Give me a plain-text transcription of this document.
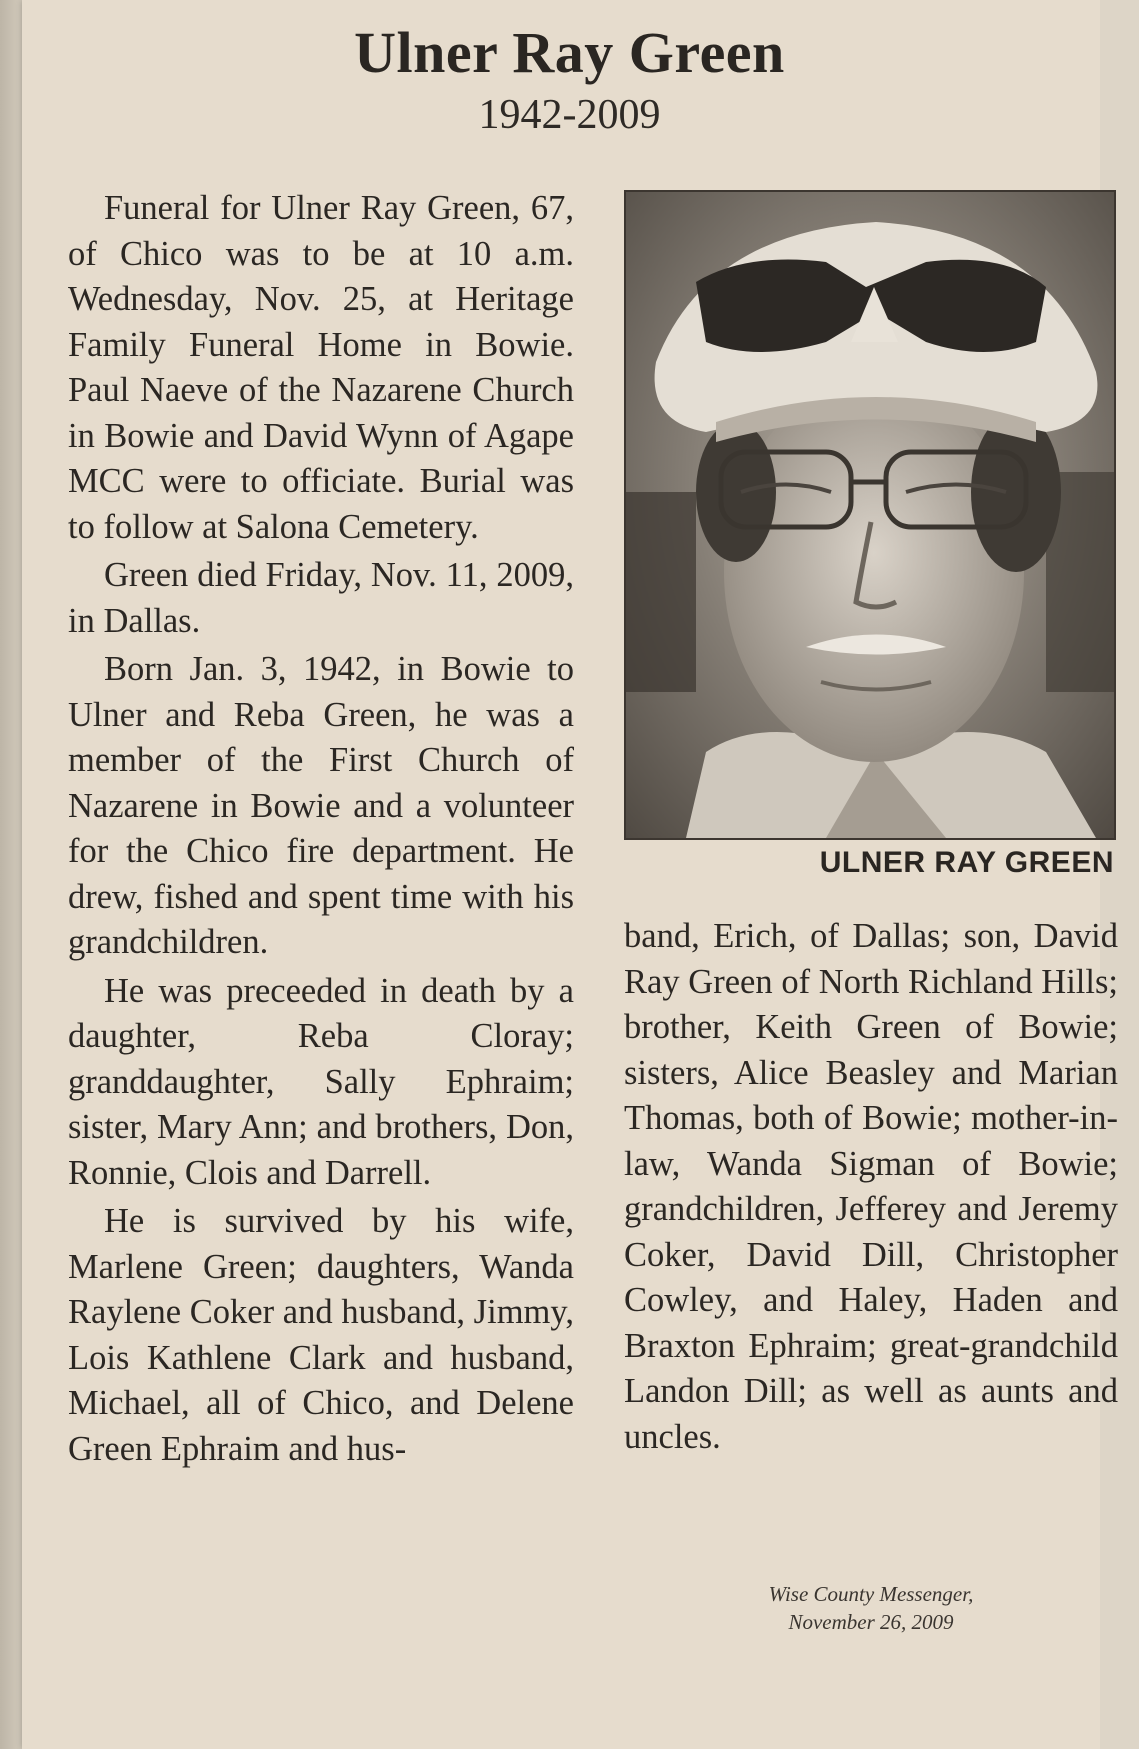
Ulner Ray Green
1942-2009

Funeral for Ulner Ray Green, 67, of Chico was to be at 10 a.m. Wednesday, Nov. 25, at Heritage Family Funeral Home in Bowie. Paul Naeve of the Nazarene Church in Bowie and David Wynn of Agape MCC were to officiate. Burial was to follow at Salona Cemetery.

Green died Friday, Nov. 11, 2009, in Dallas.

Born Jan. 3, 1942, in Bowie to Ulner and Reba Green, he was a member of the First Church of Nazarene in Bowie and a volunteer for the Chico fire department. He drew, fished and spent time with his grandchildren.

He was preceeded in death by a daughter, Reba Cloray; granddaughter, Sally Ephraim; sister, Mary Ann; and brothers, Don, Ronnie, Clois and Darrell.

He is survived by his wife, Marlene Green; daughters, Wanda Raylene Coker and husband, Jimmy, Lois Kathlene Clark and husband, Michael, all of Chico, and Delene Green Ephraim and hus-

ULNER RAY GREEN

band, Erich, of Dallas; son, David Ray Green of North Richland Hills; brother, Keith Green of Bowie; sisters, Alice Beasley and Marian Thomas, both of Bowie; mother-in-law, Wanda Sigman of Bowie; grandchildren, Jefferey and Jeremy Coker, David Dill, Christopher Cowley, and Haley, Haden and Braxton Ephraim; great-grandchild Landon Dill; as well as aunts and uncles.

Wise County Messenger,
November 26, 2009
